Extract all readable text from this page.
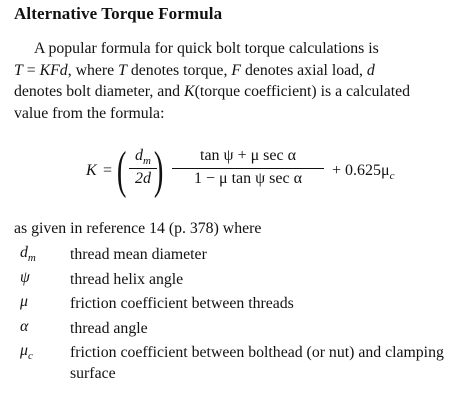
Alternative Torque Formula
A popular formula for quick bolt torque calculations is
T = KFd, where T denotes torque, F denotes axial load, d
denotes bolt diameter, and K(torque coefficient) is a calculated
value from the formula:
K = ( $d_m$
2d )	tan ψ + μ sec α
1 − μ tan ψ sec α	+ $0.625\mu_c$
as given in reference 14 (p. 378) where
$d_m$ thread mean diameter
ψ	thread helix angle
μ	friction coefficient between threads
α	thread angle
$\mu_c$ friction coefficient between bolthead (or nut) and clamping surface
